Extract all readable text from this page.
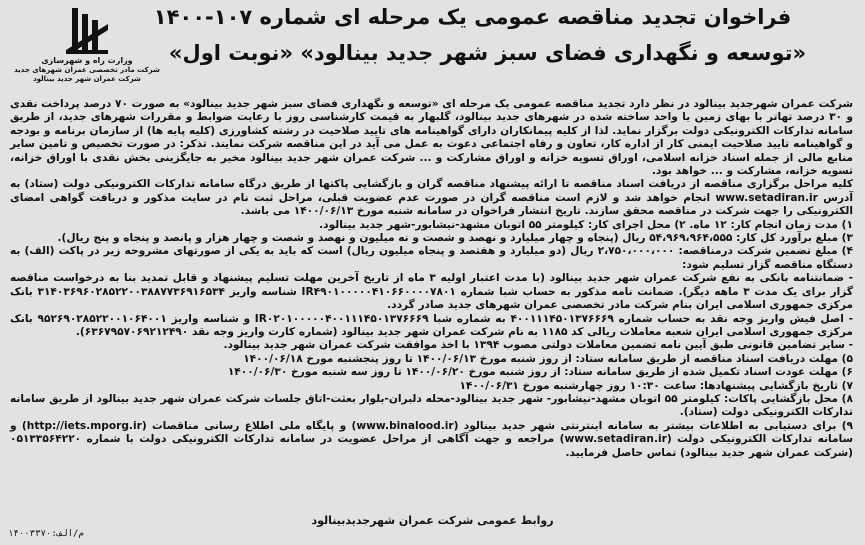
فراخوان تجدید مناقصه عمومی یک مرحله ای شماره ۱۰۷-۱۴۰۰
«توسعه و نگهداری فضای سبز شهر جدید بینالود» «نوبت اول»
وزارت راه و شهرسازی
شرکت مادر تخصصی عمران شهرهای جدید
شرکت عمران شهر جدید بینالود

شرکت عمران شهرجدید بینالود در نظر دارد تجدید مناقصه عمومی یک مرحله ای «توسعه و نگهداری فضای سبز شهر جدید بینالود» به صورت ۷۰ درصد پرداخت نقدی و ۳۰ درصد تهاتر با بهای زمین یا واحد ساخته شده در شهرهای جدید بینالود، گلبهار به قیمت کارشناسی روز با رعایت ضوابط و مقررات شهرهای جدید، از طریق سامانه تدارکات الکترونیکی دولت برگزار نماید. لذا از کلیه پیمانکاران دارای گواهینامه های تایید صلاحیت در رشته کشاورزی (کلیه پایه ها) از سازمان برنامه و بودجه و گواهینامه تایید صلاحیت ایمنی کار از اداره کار، تعاون و رفاه اجتماعی دعوت به عمل می آید در این مناقصه شرکت نمایند. تذکر: در صورت تخصیص و تامین سایر منابع مالی از جمله اسناد خزانه اسلامی، اوراق تسویه خزانه و اوراق مشارکت و ... شرکت عمران شهر جدید بینالود مخیر به جایگزینی بخش نقدی با اوراق خزانه، تسویه خزانه، مشارکت و ... خواهد بود.

کلیه مراحل برگزاری مناقصه از دریافت اسناد مناقصه تا ارائه پیشنهاد مناقصه گران و بازگشایی پاکتها از طریق درگاه سامانه تدارکات الکترونیکی دولت (ستاد) به آدرس www.setadiran.ir انجام خواهد شد و لازم است مناقصه گران در صورت عدم عضویت قبلی، مراحل ثبت نام در سایت مذکور و دریافت گواهی امضای الکترونیکی را جهت شرکت در مناقصه محقق سازند. تاریخ انتشار فراخوان در سامانه شنبه مورخ ۱۴۰۰/۰۶/۱۳ می باشد.

۱) مدت زمان انجام کار: ۱۲ ماه. ۲) محل اجرای کار: کیلومتر ۵۵ اتوبان مشهد-نیشابور-شهر جدید بینالود.

۳) مبلغ برآورد کل کار: ۵۴،۹۶۹،۹۶۴،۵۵۵ ریال (پنجاه و چهار میلیارد و نهصد و شصت و نه میلیون و نهصد و شصت و چهار هزار و پانصد و پنجاه و پنج ریال).

۴) مبلغ تضمین شرکت درمناقصه: ۲،۷۵۰،۰۰۰،۰۰۰ ریال (دو میلیارد و هفتصد و پنجاه میلیون ریال) است که باید به یکی از صورتهای مشروحه زیر در پاکت (الف) به دستگاه مناقصه گزار تسلیم شود:

- ضمانتنامه بانکی به نفع شرکت عمران شهر جدید بینالود (با مدت اعتبار اولیه ۳ ماه از تاریخ آخرین مهلت تسلیم پیشنهاد و قابل تمدید بنا به درخواست مناقصه گزار برای یک مدت ۳ ماهه دیگر). ضمانت نامه مذکور به حساب شبا شماره IR۴۹۰۱۰۰۰۰۰۴۱۰۶۶۰۰۰۰۷۸۰۱ شناسه واریز ۳۱۴۰۳۶۹۶۰۲۸۵۲۲۰۰۳۸۸۷۷۳۶۹۱۶۵۳۴ بانک مرکزی جمهوری اسلامی ایران بنام شرکت مادر تخصصی عمران شهرهای جدید صادر گردد.

- اصل فیش واریز وجه نقد به حساب شماره ۴۰۰۱۱۱۴۵۰۱۳۷۶۶۶۹ به شماره شبا IR۰۲۰۱۰۰۰۰۰۴۰۰۱۱۱۴۵۰۱۳۷۶۶۶۹ و شناسه واریز ۹۵۲۶۹۰۲۸۵۲۲۰۰۱۰۶۴۰۰۱ بانک مرکزی جمهوری اسلامی ایران شعبه معاملات ریالی کد ۱۱۸۵ به نام شرکت عمران شهر جدید بینالود (شماره کارت واریز وجه نقد ۶۳۶۷۹۵۷۰۶۹۲۱۲۴۹۰).

- سایر تضامین قانونی طبق آیین نامه تضمین معاملات دولتی مصوب ۱۳۹۴ با اخذ موافقت شرکت عمران شهر جدید بینالود.

۵) مهلت دریافت اسناد مناقصه از طریق سامانه ستاد: از روز شنبه مورخ ۱۴۰۰/۰۶/۱۳ تا روز پنجشنبه مورخ ۱۴۰۰/۰۶/۱۸

۶) مهلت عودت اسناد تکمیل شده از طریق سامانه ستاد: از روز شنبه مورخ ۱۴۰۰/۰۶/۲۰ تا روز سه شنبه مورخ ۱۴۰۰/۰۶/۳۰

۷) تاریخ بازگشایی پیشنهادها: ساعت ۱۰:۳۰ روز چهارشنبه مورخ ۱۴۰۰/۰۶/۳۱

۸) محل بازگشایی پاکات: کیلومتر ۵۵ اتوبان مشهد-نیشابور- شهر جدید بینالود-محله دلبران-بلوار بعثت-اتاق جلسات شرکت عمران شهر جدید بینالود از طریق سامانه تدارکات الکترونیکی دولت (ستاد).

۹) برای دستیابی به اطلاعات بیشتر به سامانه اینترنتی شهر جدید بینالود (www.binalood.ir) و پایگاه ملی اطلاع رسانی مناقصات (http://iets.mporg.ir) و سامانه تدارکات الکترونیکی دولت (www.setadiran.ir) مراجعه و جهت آگاهی از مراحل عضویت در سامانه تدارکات الکترونیکی دولت با شماره ۰۵۱۳۳۵۶۴۲۲۰ (شرکت عمران شهر جدید بینالود) تماس حاصل فرمایید.

روابط عمومی شرکت عمران شهرجدیدبینالود
م/الف:۱۴۰۰۳۳۷۰
